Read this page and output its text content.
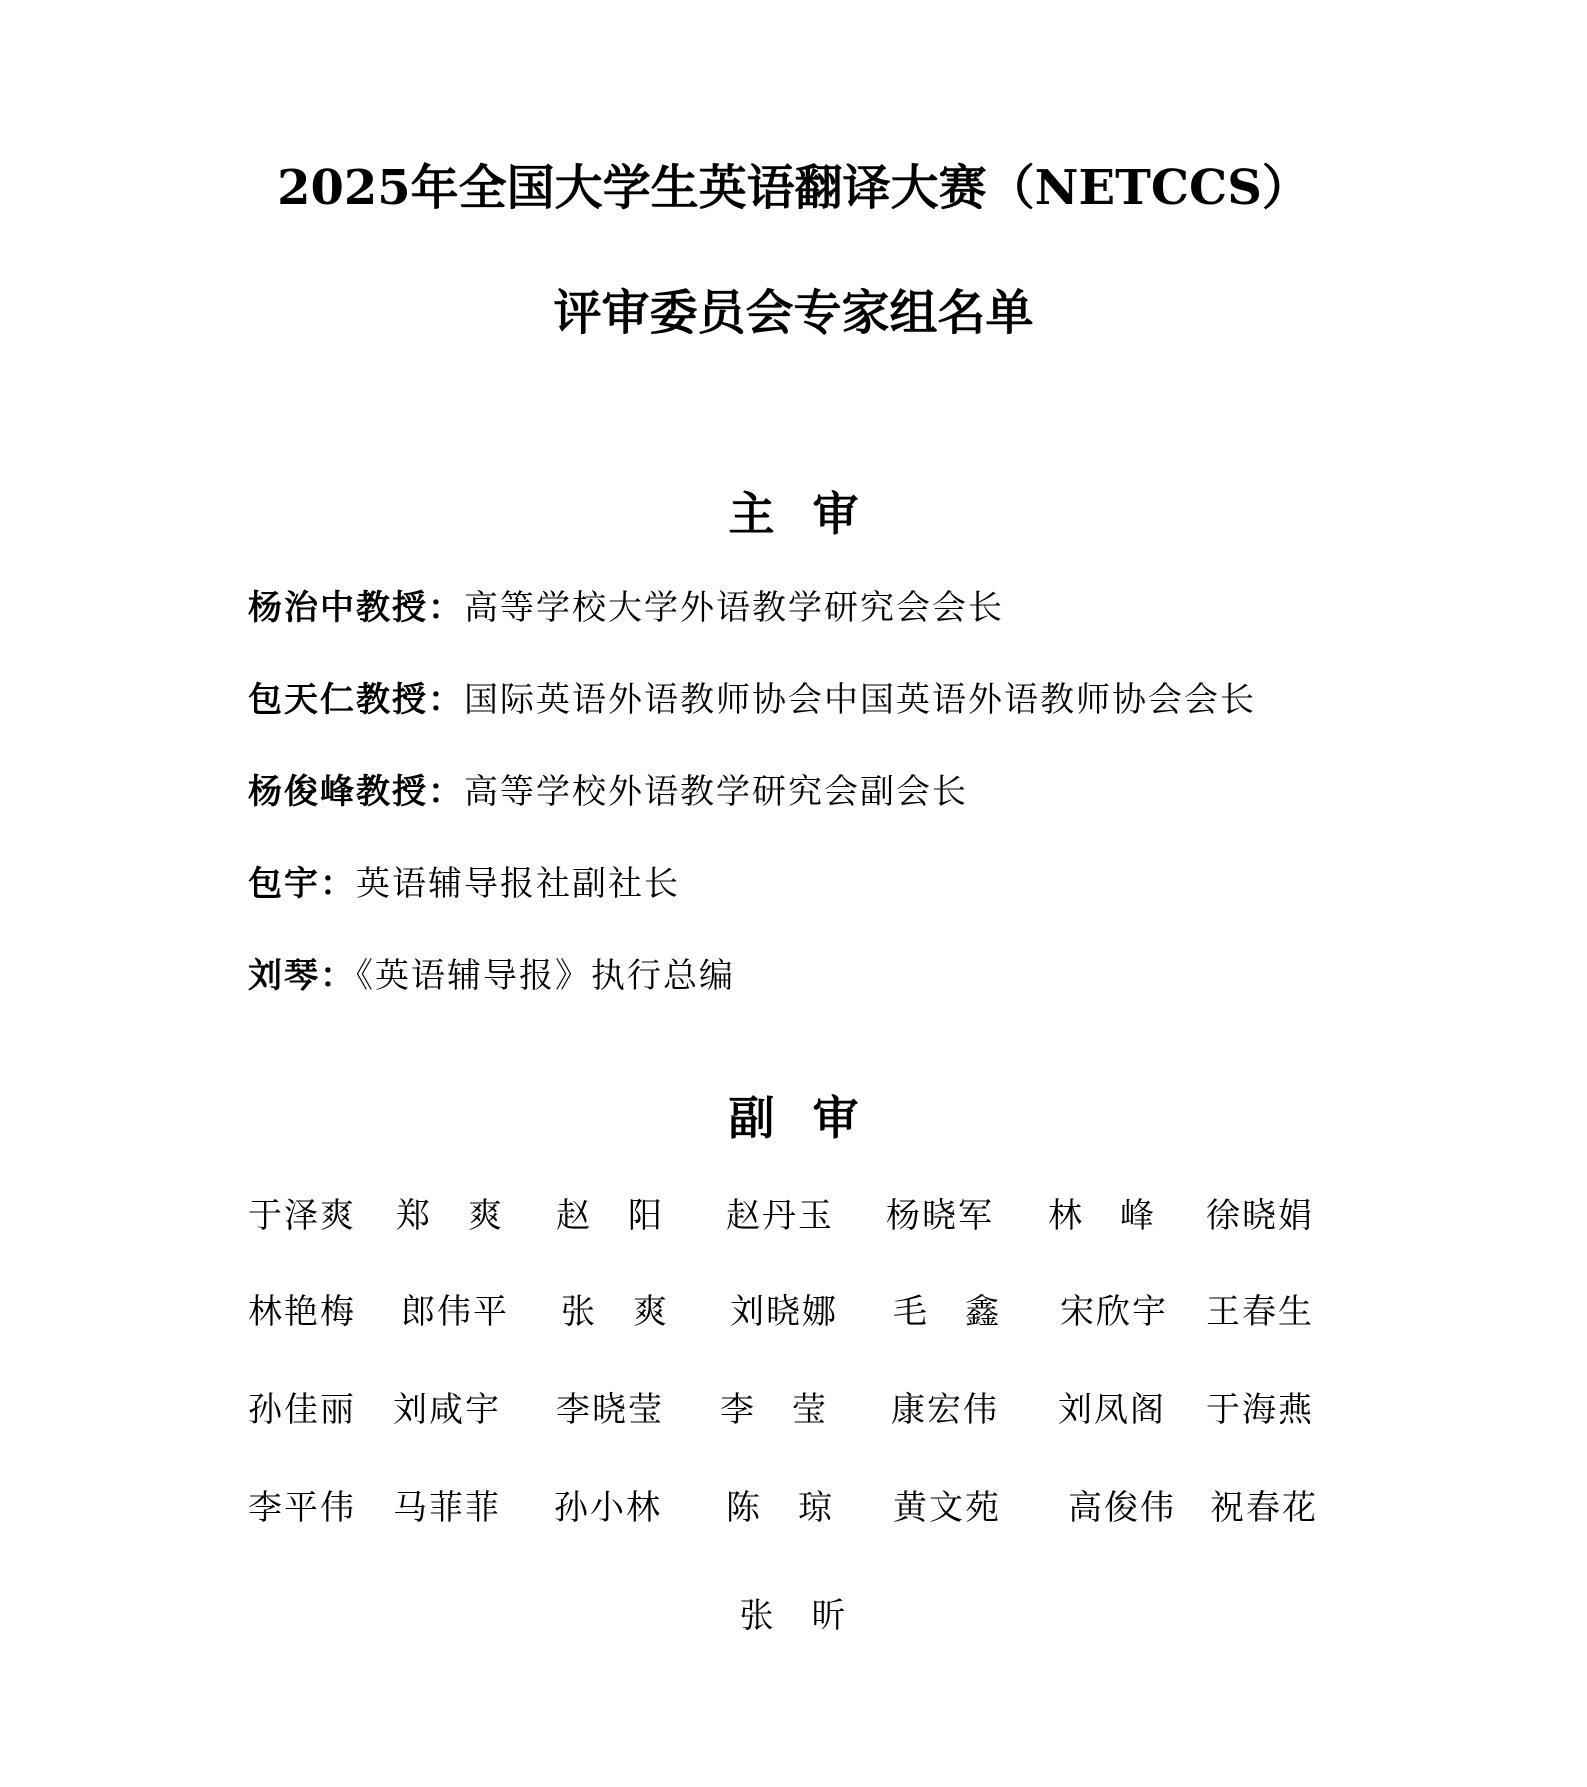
2025年全国大学生英语翻译大赛（NETCCS）
评审委员会专家组名单
主审
杨治中教授：高等学校大学外语教学研究会会长
包天仁教授：国际英语外语教师协会中国英语外语教师协会会长
杨俊峰教授：高等学校外语教学研究会副会长
包宇：英语辅导报社副社长
刘琴：《英语辅导报》执行总编
副审
于泽爽 郑　爽 赵　阳 赵丹玉 杨晓军 林　峰 徐晓娟
林艳梅 郎伟平 张　爽 刘晓娜 毛　鑫 宋欣宇 王春生
孙佳丽 刘咸宇 李晓莹 李　莹 康宏伟 刘凤阁 于海燕
李平伟 马菲菲 孙小林 陈　琼 黄文苑 高俊伟 祝春花
张　昕
